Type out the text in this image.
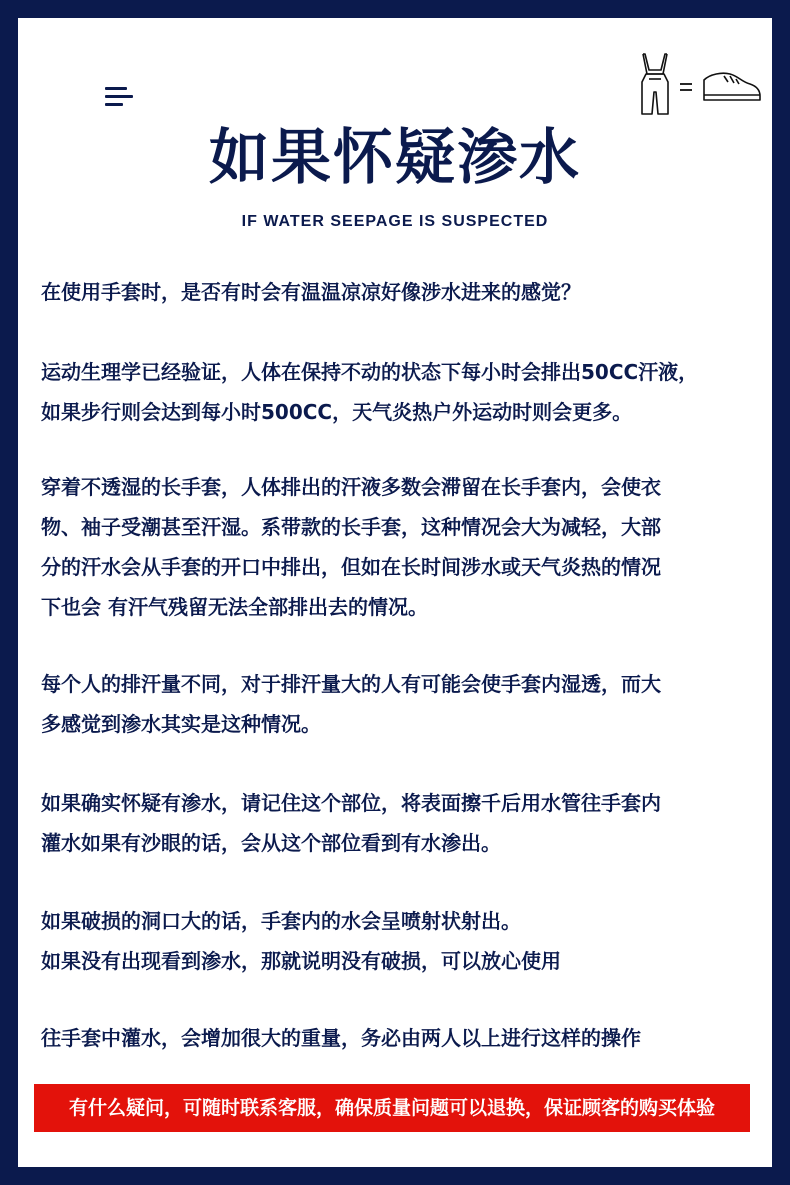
如果怀疑渗水
IF WATER SEEPAGE IS SUSPECTED
在使用手套时，是否有时会有温温凉凉好像涉水进来的感觉？
运动生理学已经验证，人体在保持不动的状态下每小时会排出50CC汗液，
如果步行则会达到每小时500CC，天气炎热户外运动时则会更多。
穿着不透湿的长手套，人体排出的汗液多数会滞留在长手套内，会使衣
物、袖子受潮甚至汗湿。系带款的长手套，这种情况会大为减轻，大部
分的汗水会从手套的开口中排出，但如在长时间涉水或天气炎热的情况
下也会 有汗气残留无法全部排出去的情况。
每个人的排汗量不同，对于排汗量大的人有可能会使手套内湿透，而大
多感觉到渗水其实是这种情况。
如果确实怀疑有渗水，请记住这个部位，将表面擦千后用水管往手套内
灌水如果有沙眼的话，会从这个部位看到有水渗出。
如果破损的洞口大的话，手套内的水会呈喷射状射出。
如果没有出现看到渗水，那就说明没有破损，可以放心使用
往手套中灌水，会增加很大的重量，务必由两人以上进行这样的操作
有什么疑问，可随时联系客服，确保质量问题可以退换，保证顾客的购买体验
